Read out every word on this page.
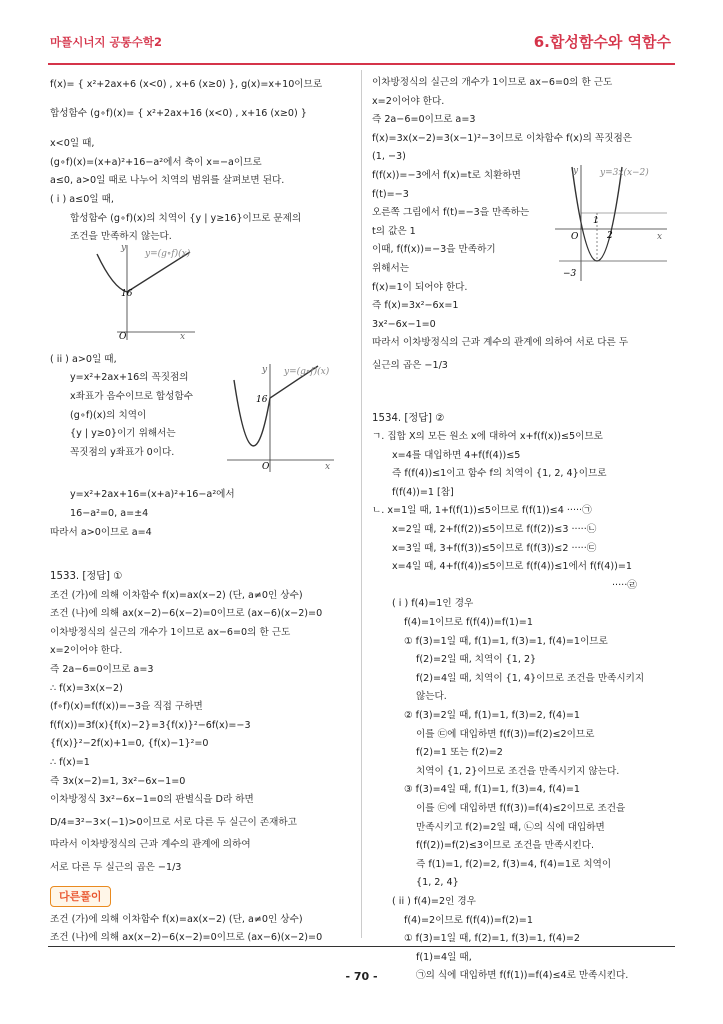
마플시너지 공통수학2	6.합성함수와 역함수
f(x)= { x²+2ax+6 (x<0) , x+6 (x≥0) }, g(x)=x+10이므로
합성함수 (g∘f)(x)= { x²+2ax+16 (x<0) , x+16 (x≥0) }
x<0일 때,
(g∘f)(x)=(x+a)²+16−a²에서 축이 x=−a이므로
a≤0, a>0일 때로 나누어 치역의 범위를 살펴보면 된다.
( i ) a≤0일 때,
합성함수 (g∘f)(x)의 치역이 {y | y≥16}이므로 문제의
조건을 만족하지 않는다.
( ii ) a>0일 때,
y=x²+2ax+16의 꼭짓점의
x좌표가 음수이므로 합성함수
(g∘f)(x)의 치역이
{y | y≥0}이기 위해서는
꼭짓점의 y좌표가 0이다.
y=x²+2ax+16=(x+a)²+16−a²에서
16−a²=0, a=±4
따라서 a>0이므로 a=4
1533. [정답] ①
조건 (가)에 의해 이차함수 f(x)=ax(x−2) (단, a≠0인 상수)
조건 (나)에 의해 ax(x−2)−6(x−2)=0이므로 (ax−6)(x−2)=0
이차방정식의 실근의 개수가 1이므로 ax−6=0의 한 근도
x=2이어야 한다.
즉 2a−6=0이므로 a=3
∴ f(x)=3x(x−2)
(f∘f)(x)=f(f(x))=−3을 직접 구하면
f(f(x))=3f(x){f(x)−2}=3{f(x)}²−6f(x)=−3
{f(x)}²−2f(x)+1=0, {f(x)−1}²=0
∴ f(x)=1
즉 3x(x−2)=1, 3x²−6x−1=0
이차방정식 3x²−6x−1=0의 판별식을 D라 하면
D/4=3²−3×(−1)>0이므로 서로 다른 두 실근이 존재하고
따라서 이차방정식의 근과 계수의 관계에 의하여
서로 다른 두 실근의 곱은 −1/3
다른풀이
조건 (가)에 의해 이차함수 f(x)=ax(x−2) (단, a≠0인 상수)
조건 (나)에 의해 ax(x−2)−6(x−2)=0이므로 (ax−6)(x−2)=0
16
O	x
y
y=(g∘f)(x)
16
O	x
y y=(g∘f)(x)
이차방정식의 실근의 개수가 1이므로 ax−6=0의 한 근도
x=2이어야 한다.
즉 2a−6=0이므로 a=3
f(x)=3x(x−2)=3(x−1)²−3이므로 이차함수 f(x)의 꼭짓점은
(1, −3)
f(f(x))=−3에서 f(x)=t로 치환하면
f(t)=−3
오른쪽 그림에서 f(t)=−3을 만족하는
t의 값은 1
이때, f(f(x))=−3을 만족하기
위해서는
f(x)=1이 되어야 한다.
즉 f(x)=3x²−6x=1
3x²−6x−1=0
따라서 이차방정식의 근과 계수의 관계에 의하여 서로 다른 두
실근의 곱은 −1/3
1534. [정답] ②
ㄱ. 집합 X의 모든 원소 x에 대하여 x+f(f(x))≤5이므로
x=4를 대입하면 4+f(f(4))≤5
즉 f(f(4))≤1이고 함수 f의 치역이 {1, 2, 4}이므로
f(f(4))=1 [참]
ㄴ. x=1일 때, 1+f(f(1))≤5이므로 f(f(1))≤4 ·····㉠
x=2일 때, 2+f(f(2))≤5이므로 f(f(2))≤3 ·····㉡
x=3일 때, 3+f(f(3))≤5이므로 f(f(3))≤2 ·····㉢
x=4일 때, 4+f(f(4))≤5이므로 f(f(4))≤1에서 f(f(4))=1
·····㉣
( i ) f(4)=1인 경우
f(4)=1이므로 f(f(4))=f(1)=1
① f(3)=1일 때, f(1)=1, f(3)=1, f(4)=1이므로
f(2)=2일 때, 치역이 {1, 2}
f(2)=4일 때, 치역이 {1, 4}이므로 조건을 만족시키지
않는다.
② f(3)=2일 때, f(1)=1, f(3)=2, f(4)=1
이를 ㉢에 대입하면 f(f(3))=f(2)≤2이므로
f(2)=1 또는 f(2)=2
치역이 {1, 2}이므로 조건을 만족시키지 않는다.
③ f(3)=4일 때, f(1)=1, f(3)=4, f(4)=1
이를 ㉢에 대입하면 f(f(3))=f(4)≤2이므로 조건을
만족시키고 f(2)=2일 때, ㉡의 식에 대입하면
f(f(2))=f(2)≤3이므로 조건을 만족시킨다.
즉 f(1)=1, f(2)=2, f(3)=4, f(4)=1로 치역이
{1, 2, 4}
( ii ) f(4)=2인 경우
f(4)=2이므로 f(f(4))=f(2)=1
① f(3)=1일 때, f(2)=1, f(3)=1, f(4)=2
f(1)=4일 때,
㉠의 식에 대입하면 f(f(1))=f(4)≤4로 만족시킨다.
1
2
−3
O	x
y y=3x(x−2)
- 70 -
